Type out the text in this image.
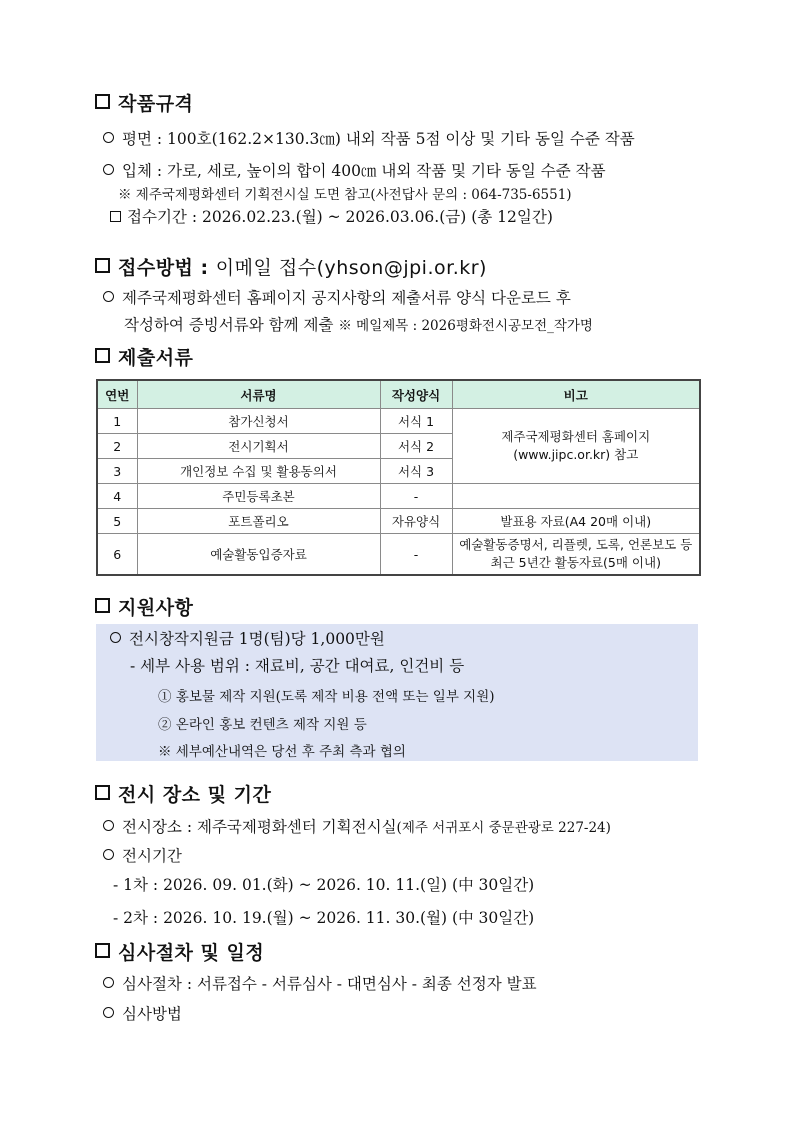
작품규격
평면 : 100호(162.2×130.3㎝) 내외 작품 5점 이상 및 기타 동일 수준 작품
입체 : 가로, 세로, 높이의 합이 400㎝ 내외 작품 및 기타 동일 수준 작품
※ 제주국제평화센터 기획전시실 도면 참고(사전답사 문의 : 064-735-6551)
접수기간 : 2026.02.23.(월) ~ 2026.03.06.(금) (총 12일간)
접수방법 : 이메일 접수(yhson@jpi.or.kr)
제주국제평화센터 홈페이지 공지사항의 제출서류 양식 다운로드 후
작성하여 증빙서류와 함께 제출 ※ 메일제목 : 2026평화전시공모전_작가명
제출서류
연번	서류명	작성양식	비고
1	참가신청서	서식 1	제주국제평화센터 홈페이지
(www.jipc.or.kr) 참고

2	전시기획서	서식 2	
3	개인정보 수집 및 활용동의서	서식 3	
4	주민등록초본	-	
5	포트폴리오	자유양식	발표용 자료(A4 20매 이내)
6	예술활동입증자료	-	예술활동증명서, 리플렛, 도록, 언론보도 등
최근 5년간 활동자료(5매 이내)
지원사항
전시창작지원금 1명(팀)당 1,000만원
- 세부 사용 범위 : 재료비, 공간 대여료, 인건비 등
① 홍보물 제작 지원(도록 제작 비용 전액 또는 일부 지원)
② 온라인 홍보 컨텐츠 제작 지원 등
※ 세부예산내역은 당선 후 주최 측과 협의
전시 장소 및 기간
전시장소 : 제주국제평화센터 기획전시실(제주 서귀포시 중문관광로 227-24)
전시기간
- 1차 : 2026. 09. 01.(화) ~ 2026. 10. 11.(일) (中 30일간)
- 2차 : 2026. 10. 19.(월) ~ 2026. 11. 30.(월) (中 30일간)
심사절차 및 일정
심사절차 : 서류접수 - 서류심사 - 대면심사 - 최종 선정자 발표
심사방법
